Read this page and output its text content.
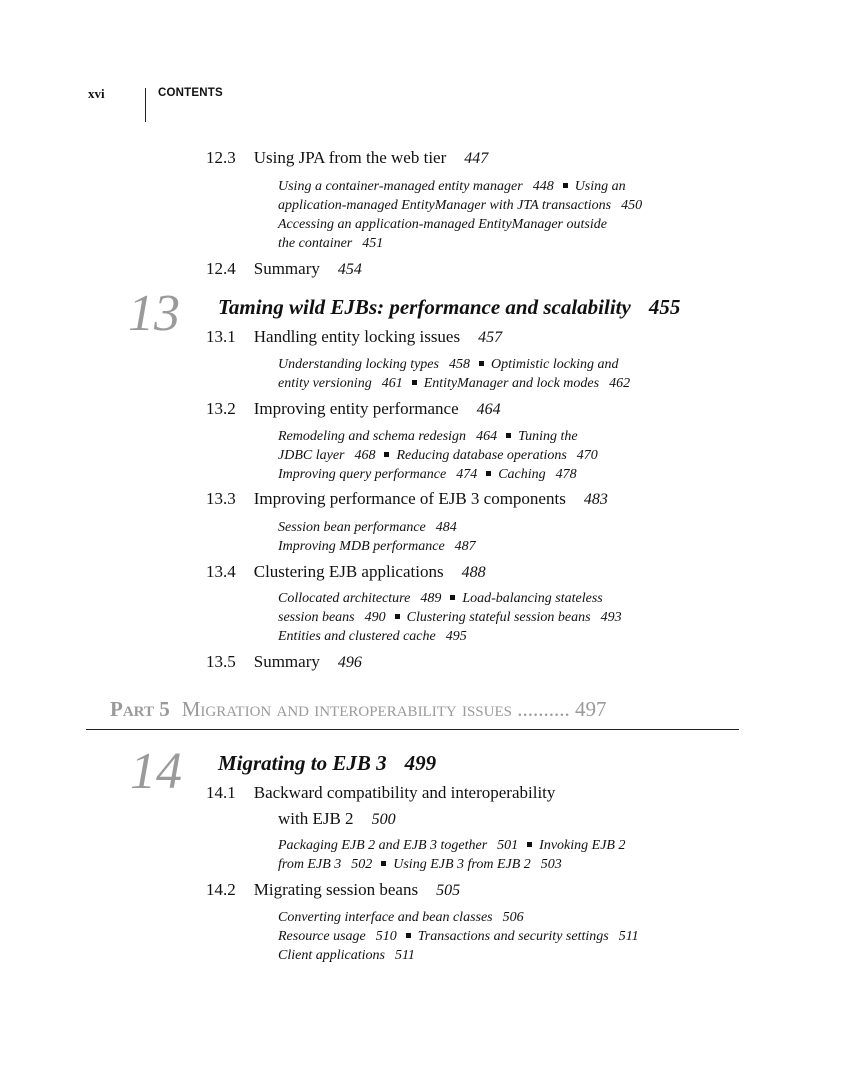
xvi	CONTENTS
12.3 Using JPA from the web tier 447
Using a container-managed entity manager 448 Using an
application-managed EntityManager with JTA transactions 450
Accessing an application-managed EntityManager outside
the container 451
12.4 Summary 454
13 Taming wild EJBs: performance and scalability 455
13.1 Handling entity locking issues 457
Understanding locking types 458 Optimistic locking and
entity versioning 461 EntityManager and lock modes 462
13.2 Improving entity performance 464
Remodeling and schema redesign 464 Tuning the
JDBC layer 468 Reducing database operations 470
Improving query performance 474 Caching 478
13.3 Improving performance of EJB 3 components 483
Session bean performance 484
Improving MDB performance 487
13.4 Clustering EJB applications 488
Collocated architecture 489 Load-balancing stateless
session beans 490 Clustering stateful session beans 493
Entities and clustered cache 495
13.5 Summary 496
Part 5 Migration and interoperability issues .......... 497
14 Migrating to EJB 3 499
14.1 Backward compatibility and interoperability
with EJB 2 500
Packaging EJB 2 and EJB 3 together 501 Invoking EJB 2
from EJB 3 502 Using EJB 3 from EJB 2 503
14.2 Migrating session beans 505
Converting interface and bean classes 506
Resource usage 510 Transactions and security settings 511
Client applications 511
